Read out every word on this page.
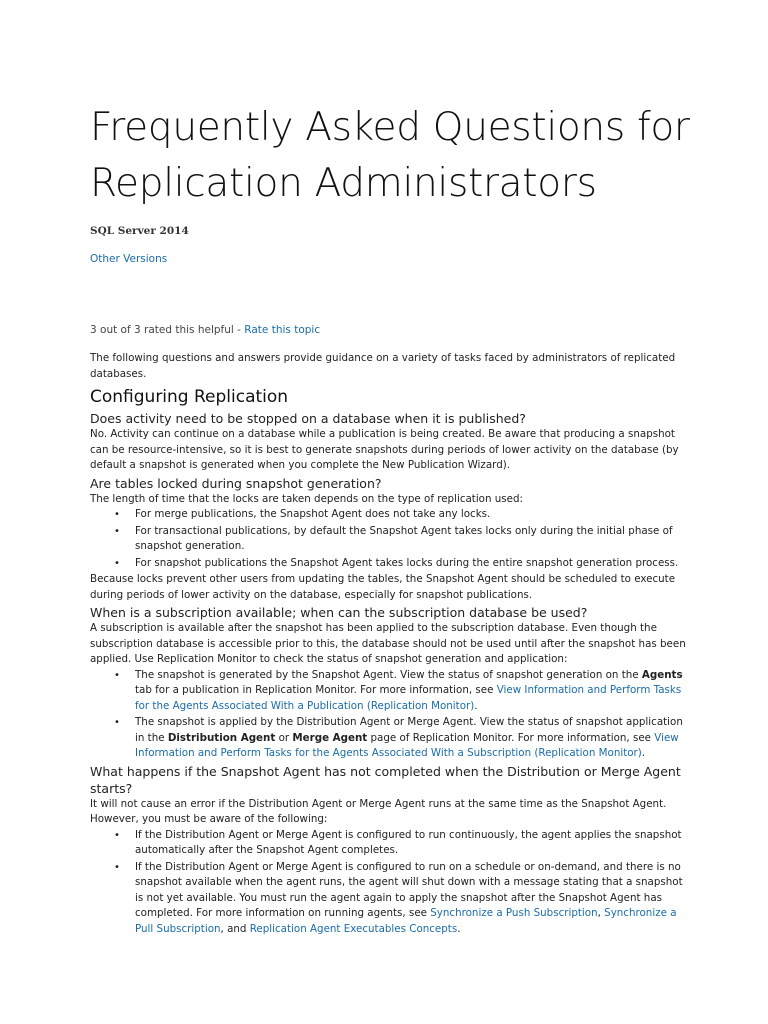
Frequently Asked Questions for Replication Administrators
SQL Server 2014
Other Versions
3 out of 3 rated this helpful - Rate this topic

The following questions and answers provide guidance on a variety of tasks faced by administrators of replicated databases.

Configuring Replication
Does activity need to be stopped on a database when it is published?

No. Activity can continue on a database while a publication is being created. Be aware that producing a snapshot can be resource-intensive, so it is best to generate snapshots during periods of lower activity on the database (by default a snapshot is generated when you complete the New Publication Wizard).

Are tables locked during snapshot generation?

The length of time that the locks are taken depends on the type of replication used:

• For merge publications, the Snapshot Agent does not take any locks.
• For transactional publications, by default the Snapshot Agent takes locks only during the initial phase of snapshot generation.
• For snapshot publications the Snapshot Agent takes locks during the entire snapshot generation process.

Because locks prevent other users from updating the tables, the Snapshot Agent should be scheduled to execute during periods of lower activity on the database, especially for snapshot publications.

When is a subscription available; when can the subscription database be used?

A subscription is available after the snapshot has been applied to the subscription database. Even though the subscription database is accessible prior to this, the database should not be used until after the snapshot has been applied. Use Replication Monitor to check the status of snapshot generation and application:

• The snapshot is generated by the Snapshot Agent. View the status of snapshot generation on the Agents tab for a publication in Replication Monitor. For more information, see View Information and Perform Tasks for the Agents Associated With a Publication (Replication Monitor).
• The snapshot is applied by the Distribution Agent or Merge Agent. View the status of snapshot application in the Distribution Agent or Merge Agent page of Replication Monitor. For more information, see View Information and Perform Tasks for the Agents Associated With a Subscription (Replication Monitor).
What happens if the Snapshot Agent has not completed when the Distribution or Merge Agent starts?

It will not cause an error if the Distribution Agent or Merge Agent runs at the same time as the Snapshot Agent. However, you must be aware of the following:

• If the Distribution Agent or Merge Agent is configured to run continuously, the agent applies the snapshot automatically after the Snapshot Agent completes.
• If the Distribution Agent or Merge Agent is configured to run on a schedule or on-demand, and there is no snapshot available when the agent runs, the agent will shut down with a message stating that a snapshot is not yet available. You must run the agent again to apply the snapshot after the Snapshot Agent has completed. For more information on running agents, see Synchronize a Push Subscription, Synchronize a Pull Subscription, and Replication Agent Executables Concepts.
